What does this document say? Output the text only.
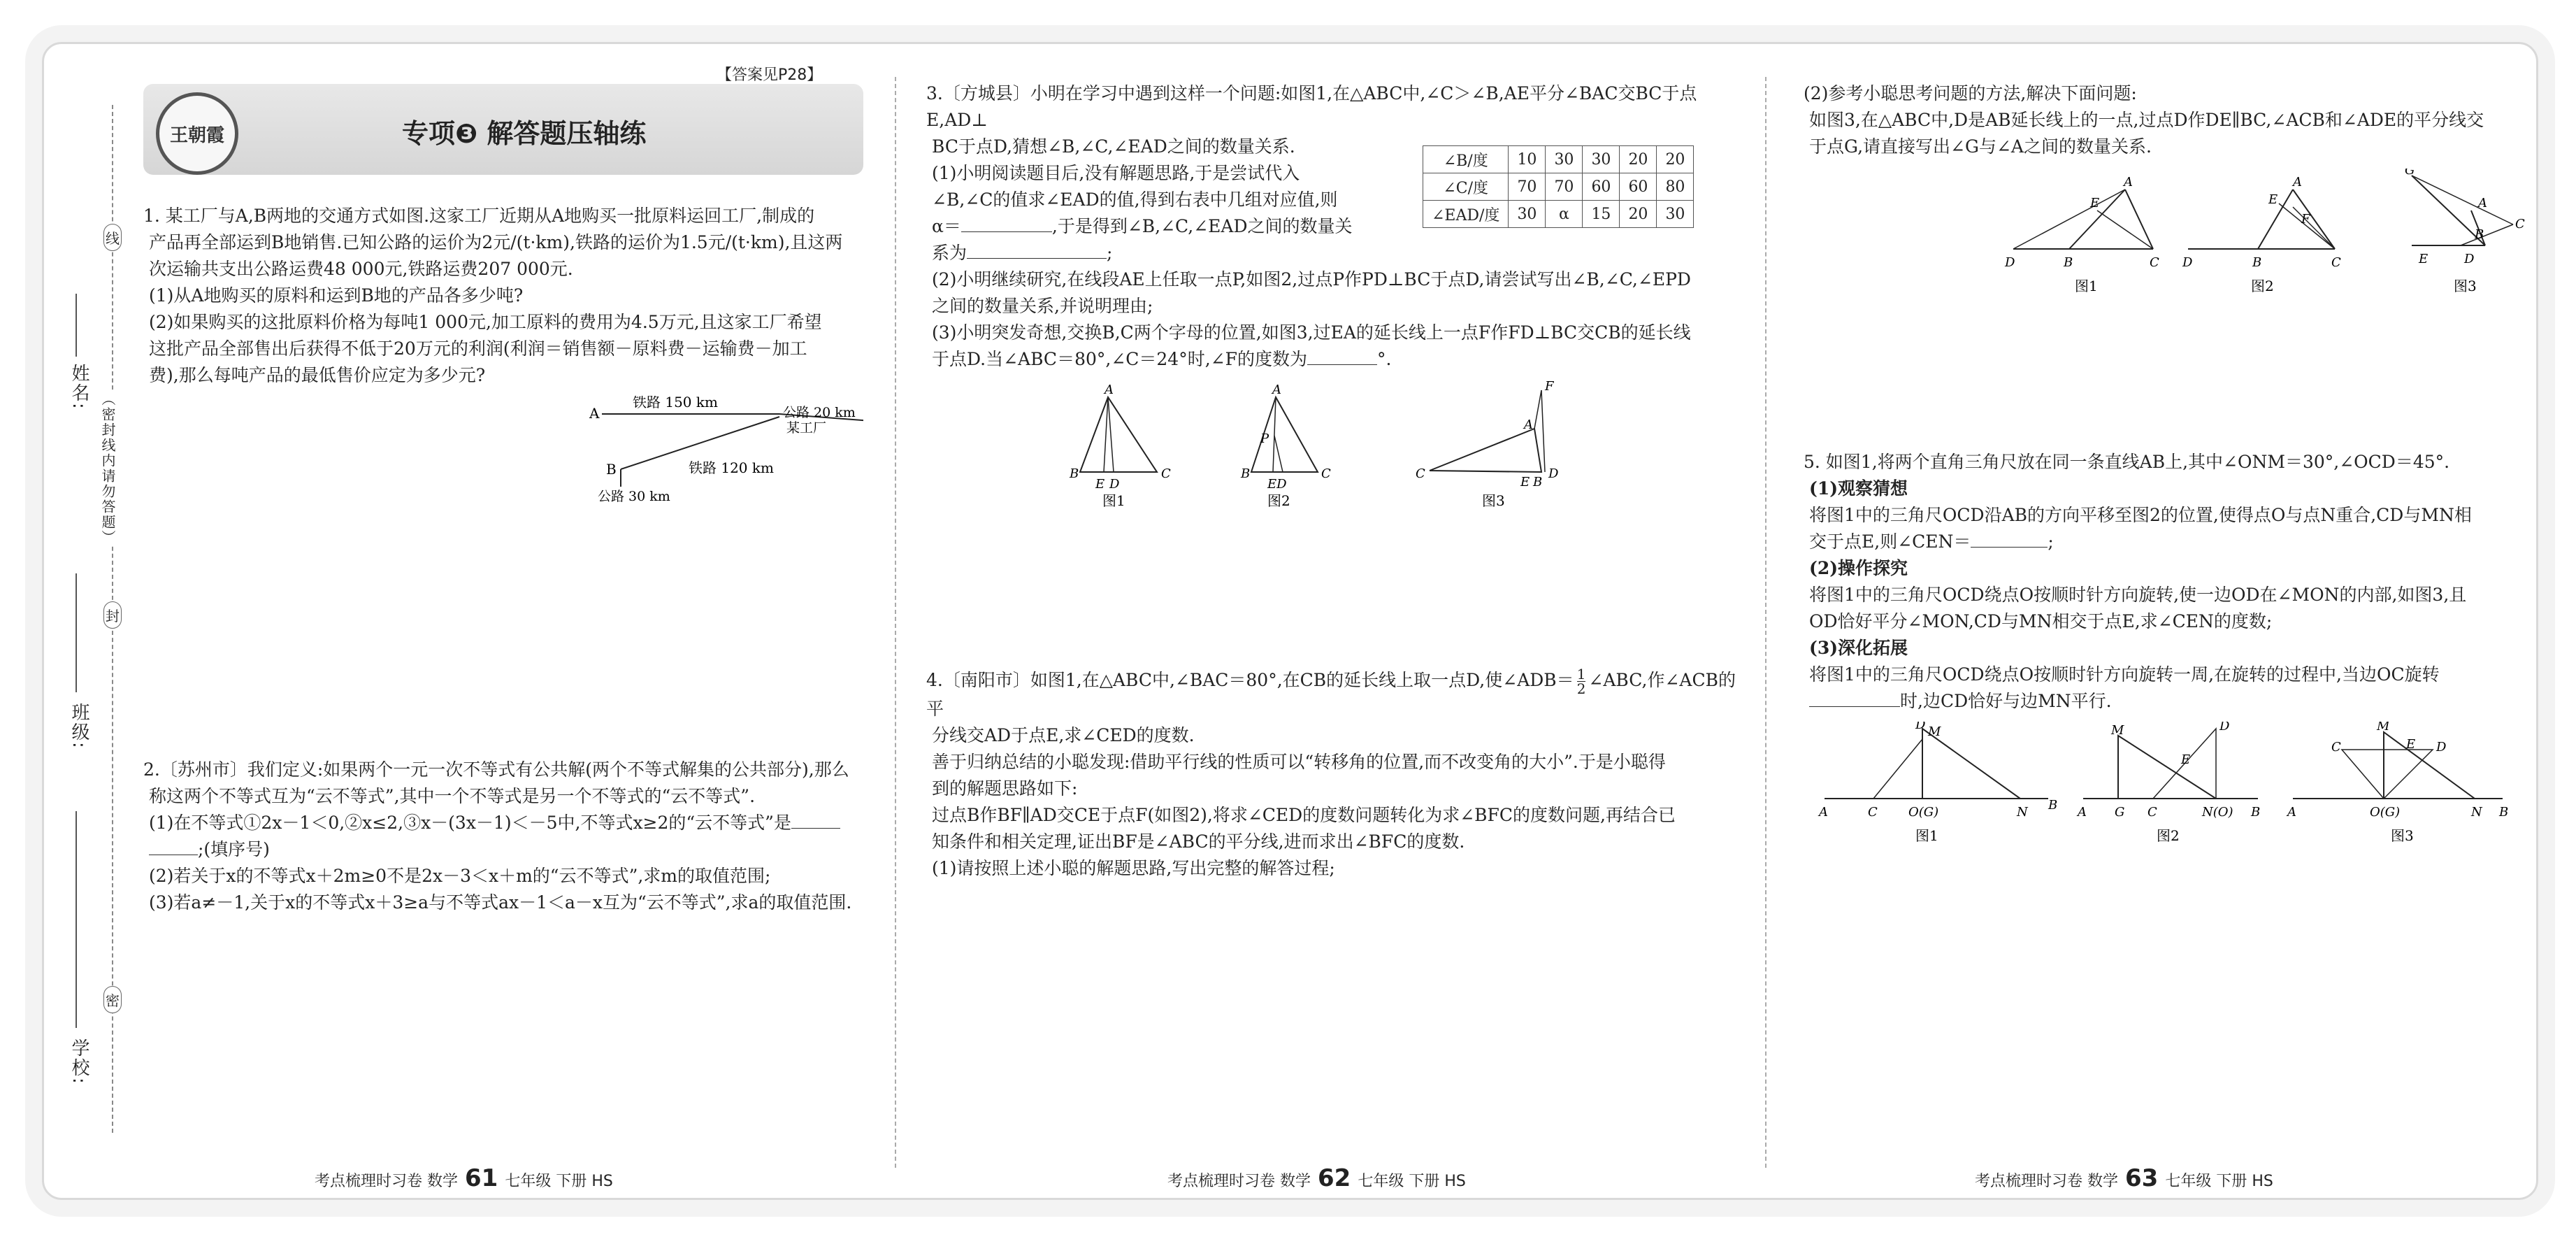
姓名:
班级:
学校:
线
封
密
（密封线内请勿答题）
【答案见P28】
王朝霞	专项❸ 解答题压轴练

1. 某工厂与A,B两地的交通方式如图.这家工厂近期从A地购买一批原料运回工厂,制成的

产品再全部运到B地销售.已知公路的运价为2元/(t·km),铁路的运价为1.5元/(t·km),且这两

次运输共支出公路运费48 000元,铁路运费207 000元.

(1)从A地购买的原料和运到B地的产品各多少吨?

(2)如果购买的这批原料价格为每吨1 000元,加工原料的费用为4.5万元,且这家工厂希望

这批产品全部售出后获得不低于20万元的利润(利润＝销售额－原料费－运输费－加工

费),那么每吨产品的最低售价应定为多少元?

A
铁路 150 km
公路 20 km
某工厂
B	铁路 120 km
公路 30 km

2.〔苏州市〕我们定义:如果两个一元一次不等式有公共解(两个不等式解集的公共部分),那么

称这两个不等式互为“云不等式”,其中一个不等式是另一个不等式的“云不等式”.

(1)在不等式①2x－1＜0,②x≤2,③x－(3x－1)＜－5中,不等式x≥2的“云不等式”是

;(填序号)

(2)若关于x的不等式x＋2m≥0不是2x－3＜x＋m的“云不等式”,求m的取值范围;

(3)若a≠－1,关于x的不等式x＋3≥a与不等式ax－1＜a－x互为“云不等式”,求a的取值范围.

3.〔方城县〕小明在学习中遇到这样一个问题:如图1,在△ABC中,∠C＞∠B,AE平分∠BAC交BC于点E,AD⊥

BC于点D,猜想∠B,∠C,∠EAD之间的数量关系.

(1)小明阅读题目后,没有解题思路,于是尝试代入

∠B,∠C的值求∠EAD的值,得到右表中几组对应值,则

α＝	,于是得到∠B,∠C,∠EAD之间的数量关

系为	;

(2)小明继续研究,在线段AE上任取一点P,如图2,过点P作PD⊥BC于点D,请尝试写出∠B,∠C,∠EPD

之间的数量关系,并说明理由;

(3)小明突发奇想,交换B,C两个字母的位置,如图3,过EA的延长线上一点F作FD⊥BC交CB的延长线

于点D.当∠ABC＝80°,∠C＝24°时,∠F的度数为	°.

A
B	C
E D
图1
A
P
B	C
ED
图2
F
A
C
E B
D
图3

4.〔南阳市〕如图1,在△ABC中,∠BAC＝80°,在CB的延长线上取一点D,使∠ADB＝ $\frac{1}{2}$ ∠ABC,作∠ACB的平

分线交AD于点E,求∠CED的度数.

善于归纳总结的小聪发现:借助平行线的性质可以“转移角的位置,而不改变角的大小”.于是小聪得

到的解题思路如下:

过点B作BF∥AD交CE于点F(如图2),将求∠CED的度数问题转化为求∠BFC的度数问题,再结合已

知条件和相关定理,证出BF是∠ABC的平分线,进而求出∠BFC的度数.

(1)请按照上述小聪的解题思路,写出完整的解答过程;

∠B/度	10	30	30	20	20
∠C/度	70	70	60	60	80
∠EAD/度	30	α	15	20	30

(2)参考小聪思考问题的方法,解决下面问题:

如图3,在△ABC中,D是AB延长线上的一点,过点D作DE∥BC,∠ACB和∠ADE的平分线交

于点G,请直接写出∠G与∠A之间的数量关系.

D	B	C
A
E
图1
D	B	C
A
E
F
图2
G
A
C
B
E	D
图3

5. 如图1,将两个直角三角尺放在同一条直线AB上,其中∠ONM＝30°,∠OCD＝45°.

(1)观察猜想

将图1中的三角尺OCD沿AB的方向平移至图2的位置,使得点O与点N重合,CD与MN相

交于点E,则∠CEN＝	;

(2)操作探究

将图1中的三角尺OCD绕点O按顺时针方向旋转,使一边OD在∠MON的内部,如图3,且

OD恰好平分∠MON,CD与MN相交于点E,求∠CEN的度数;

(3)深化拓展

将图1中的三角尺OCD绕点O按顺时针方向旋转一周,在旋转的过程中,当边OC旋转

时,边CD恰好与边MN平行.

A	C O(G)	N B
D M
图1
A G C	N(O) B
M	D
E
图2
A	O(G)	N B
M
C	D
E
图3
考点梳理时习卷 数学 61 七年级 下册 HS	考点梳理时习卷 数学 62 七年级 下册 HS	考点梳理时习卷 数学 63 七年级 下册 HS
